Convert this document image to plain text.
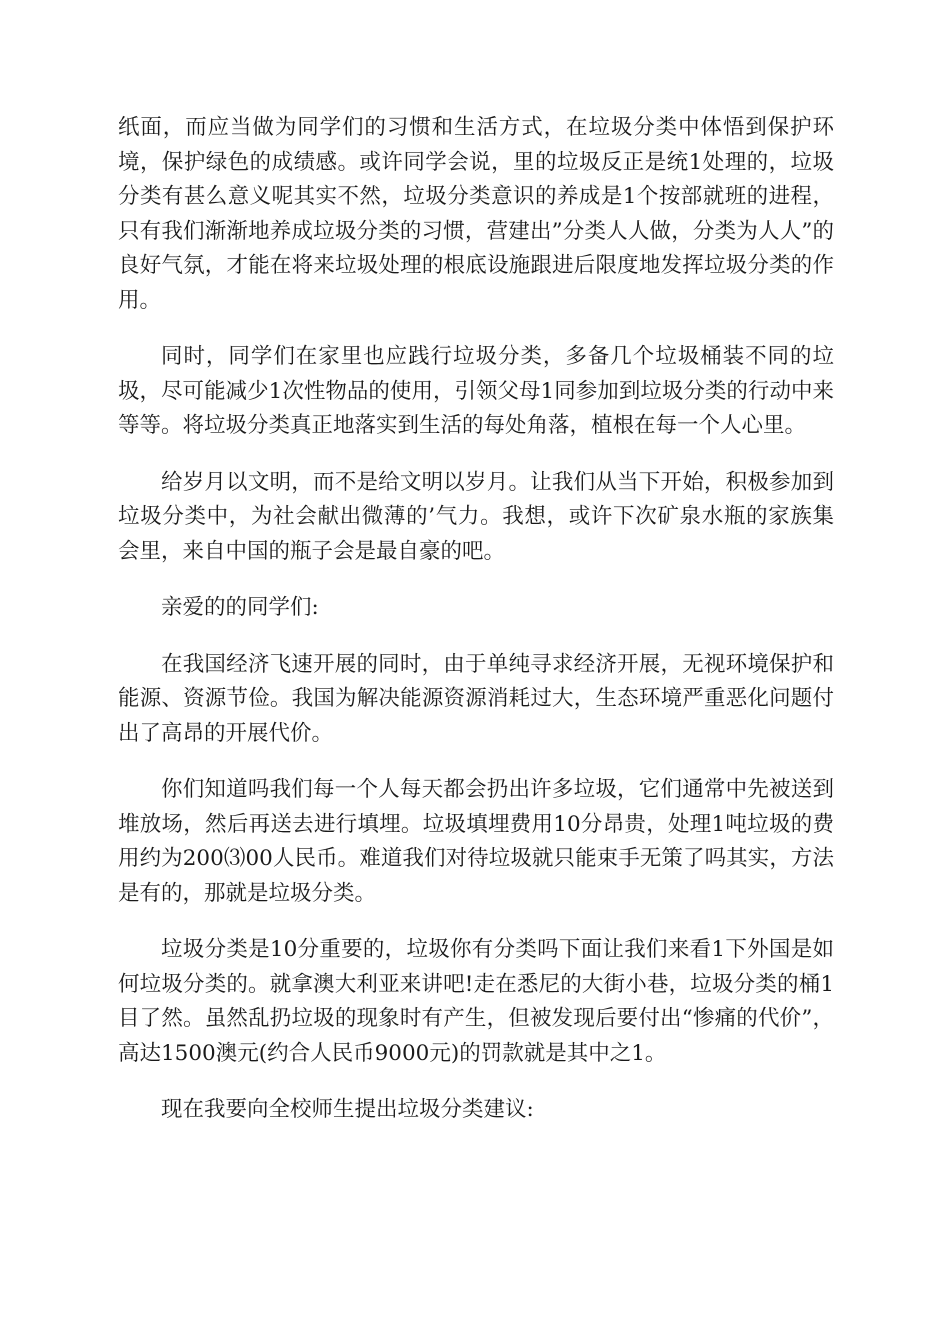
纸面，而应当做为同学们的习惯和生活方式，在垃圾分类中体悟到保护环境，保护绿色的成绩感。或许同学会说，里的垃圾反正是统1处理的，垃圾分类有甚么意义呢其实不然，垃圾分类意识的养成是1个按部就班的进程，只有我们渐渐地养成垃圾分类的习惯，营建出”分类人人做，分类为人人”的良好气氛，才能在将来垃圾处理的根底设施跟进后限度地发挥垃圾分类的作用。

同时，同学们在家里也应践行垃圾分类，多备几个垃圾桶装不同的垃圾，尽可能减少1次性物品的使用，引领父母1同参加到垃圾分类的行动中来等等。将垃圾分类真正地落实到生活的每处角落，植根在每一个人心里。

给岁月以文明，而不是给文明以岁月。让我们从当下开始，积极参加到垃圾分类中，为社会献出微薄的’气力。我想，或许下次矿泉水瓶的家族集会里，来自中国的瓶子会是最自豪的吧。

亲爱的的同学们:

在我国经济飞速开展的同时，由于单纯寻求经济开展，无视环境保护和能源、资源节俭。我国为解决能源资源消耗过大，生态环境严重恶化问题付出了高昂的开展代价。

你们知道吗我们每一个人每天都会扔出许多垃圾，它们通常中先被送到堆放场，然后再送去进行填埋。垃圾填埋费用10分昂贵，处理1吨垃圾的费用约为200⑶00人民币。难道我们对待垃圾就只能束手无策了吗其实，方法是有的，那就是垃圾分类。

垃圾分类是10分重要的，垃圾你有分类吗下面让我们来看1下外国是如何垃圾分类的。就拿澳大利亚来讲吧!走在悉尼的大街小巷，垃圾分类的桶1目了然。虽然乱扔垃圾的现象时有产生，但被发现后要付出“惨痛的代价”，高达1500澳元(约合人民币9000元)的罚款就是其中之1。

现在我要向全校师生提出垃圾分类建议:
